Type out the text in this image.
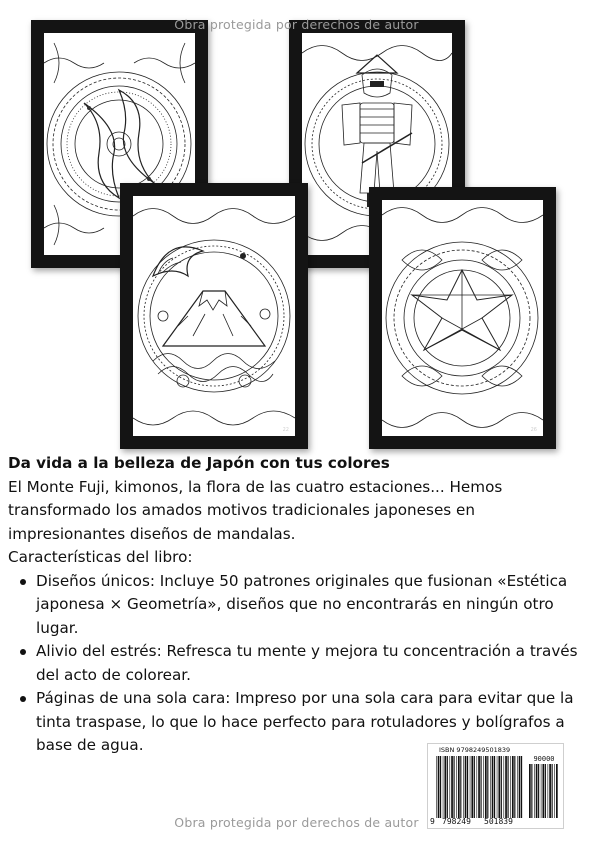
Obra protegida por derechos de autor
22	26

Da vida a la belleza de Japón con tus colores

El Monte Fuji, kimonos, la flora de las cuatro estaciones... Hemos transformado los amados motivos tradicionales japoneses en impresionantes diseños de mandalas.

Características del libro:

Diseños únicos: Incluye 50 patrones originales que fusionan «Estética japonesa × Geometría», diseños que no encontrarás en ningún otro lugar.
Alivio del estrés: Refresca tu mente y mejora tu concentración a través del acto de colorear.
Páginas de una sola cara: Impreso por una sola cara para evitar que la tinta traspase, lo que lo hace perfecto para rotuladores y bolígrafos a base de agua.	ISBN 9798249501839
90000
9 798249 501839
Obra protegida por derechos de autor
